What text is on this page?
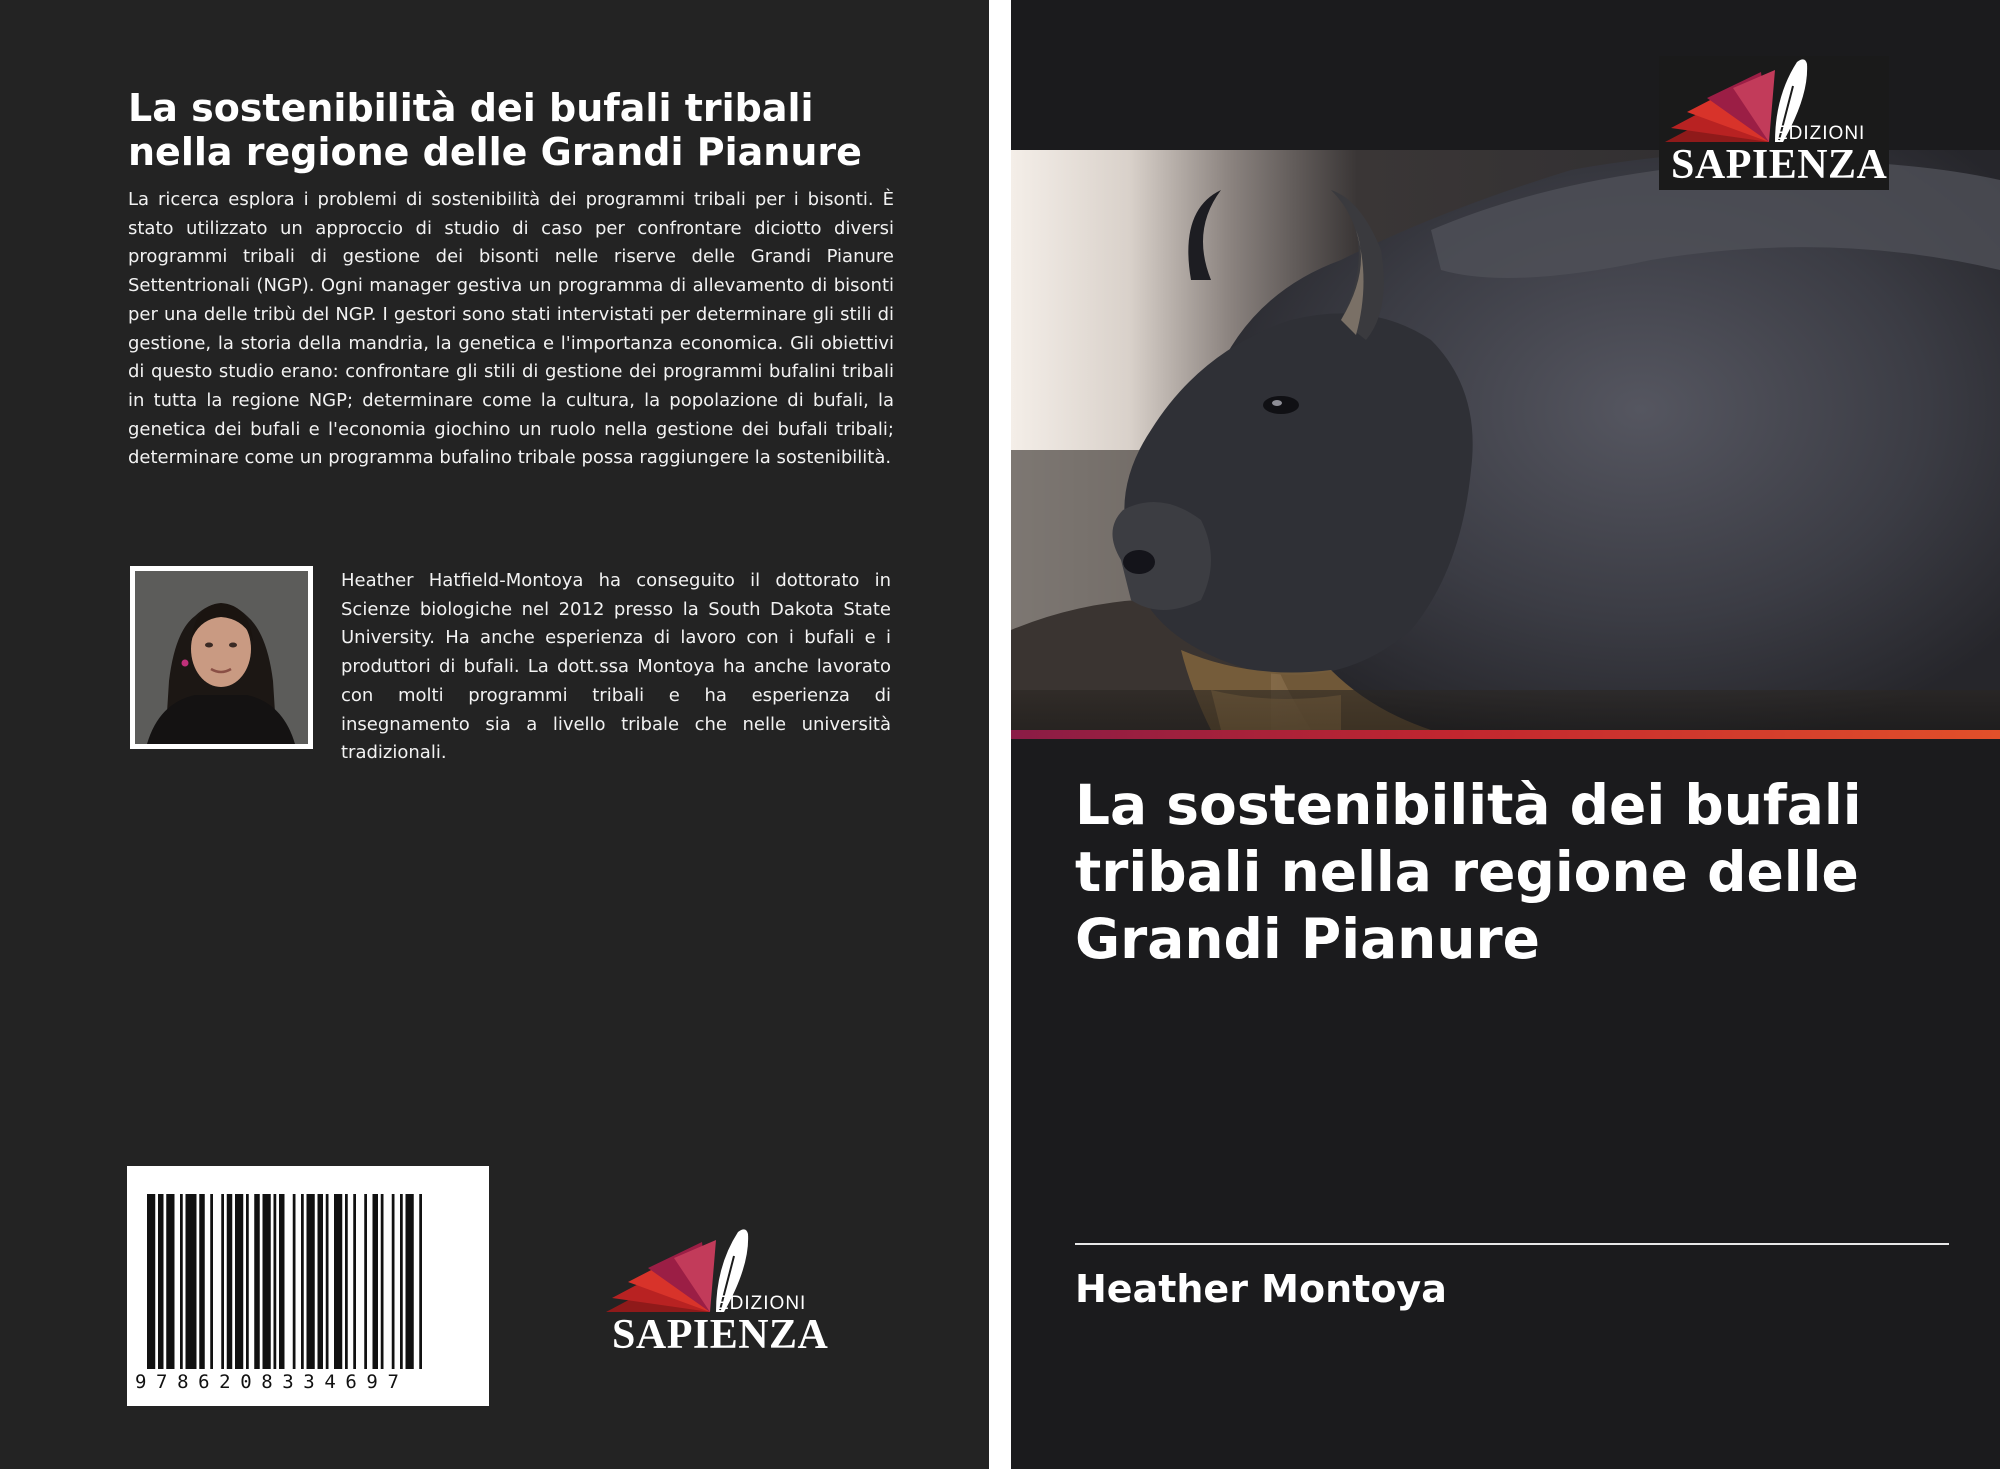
La sostenibilità dei bufali tribali nella regione delle Grandi Pianure
La ricerca esplora i problemi di sostenibilità dei programmi tribali per i bisonti. È stato utilizzato un approccio di studio di caso per confrontare diciotto diversi programmi tribali di gestione dei bisonti nelle riserve delle Grandi Pianure Settentrionali (NGP). Ogni manager gestiva un programma di allevamento di bisonti per una delle tribù del NGP. I gestori sono stati intervistati per determinare gli stili di gestione, la storia della mandria, la genetica e l'importanza economica. Gli obiettivi di questo studio erano: confrontare gli stili di gestione dei programmi bufalini tribali in tutta la regione NGP; determinare come la cultura, la popolazione di bufali, la genetica dei bufali e l'economia giochino un ruolo nella gestione dei bufali tribali; determinare come un programma bufalino tribale possa raggiungere la sostenibilità.
Heather Hatfield-Montoya ha conseguito il dottorato in Scienze biologiche nel 2012 presso la South Dakota State University. Ha anche esperienza di lavoro con i bufali e i produttori di bufali. La dott.ssa Montoya ha anche lavorato con molti programmi tribali e ha esperienza di insegnamento sia a livello tribale che nelle università tradizionali.
9786208334697
EDIZIONI
SAPIENZA
EDIZIONI
SAPIENZA
La sostenibilità dei bufali tribali nella regione delle Grandi Pianure
Heather Montoya
